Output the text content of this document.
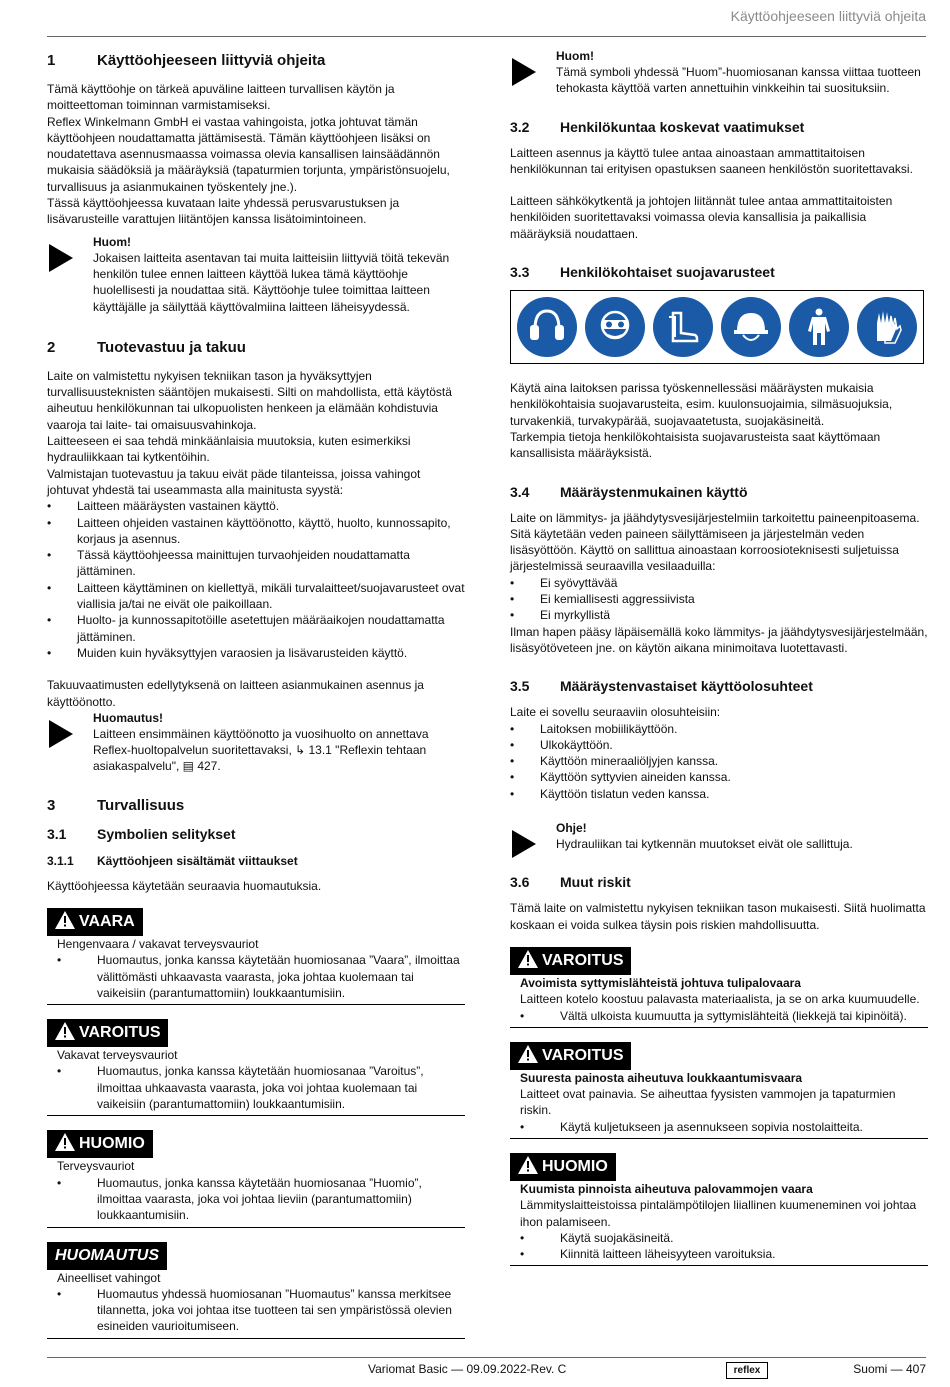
Käyttöohjeeseen liittyviä ohjeita
1	Käyttöohjeeseen liittyviä ohjeita

Tämä käyttöohje on tärkeä apuväline laitteen turvallisen käytön ja moitteettoman toiminnan varmistamiseksi.

Reflex Winkelmann GmbH ei vastaa vahingoista, jotka johtuvat tämän käyttöohjeen noudattamatta jättämisestä. Tämän käyttöohjeen lisäksi on noudatettava asennusmaassa voimassa olevia kansallisen lainsäädännön mukaisia säädöksiä ja määräyksiä (tapaturmien torjunta, ympäristönsuojelu, turvallisuus ja asianmukainen työskentely jne.).

Tässä käyttöohjeessa kuvataan laite yhdessä perusvarustuksen ja lisävarusteille varattujen liitäntöjen kanssa lisätoimintoineen.

Huom!

Jokaisen laitteita asentavan tai muita laitteisiin liittyviä töitä tekevän henkilön tulee ennen laitteen käyttöä lukea tämä käyttöohje huolellisesti ja noudattaa sitä. Käyttöohje tulee toimittaa laitteen käyttäjälle ja säilyttää käyttövalmiina laitteen läheisyydessä.

2	Tuotevastuu ja takuu

Laite on valmistettu nykyisen tekniikan tason ja hyväksyttyjen turvallisuusteknisten sääntöjen mukaisesti. Silti on mahdollista, että käytöstä aiheutuu henkilökunnan tai ulkopuolisten henkeen ja elämään kohdistuvia vaaroja tai laite- tai omaisuusvahinkoja.

Laitteeseen ei saa tehdä minkäänlaisia muutoksia, kuten esimerkiksi hydrauliikkaan tai kytkentöihin.

Valmistajan tuotevastuu ja takuu eivät päde tilanteissa, joissa vahingot johtuvat yhdestä tai useammasta alla mainitusta syystä:

• Laitteen määräysten vastainen käyttö.
• Laitteen ohjeiden vastainen käyttöönotto, käyttö, huolto, kunnossapito, korjaus ja asennus.
• Tässä käyttöohjeessa mainittujen turvaohjeiden noudattamatta jättäminen.
• Laitteen käyttäminen on kiellettyä, mikäli turvalaitteet/suojavarusteet ovat viallisia ja/tai ne eivät ole paikoillaan.
• Huolto- ja kunnossapitotöille asetettujen määräaikojen noudattamatta jättäminen.
• Muiden kuin hyväksyttyjen varaosien ja lisävarusteiden käyttö.

Takuuvaatimusten edellytyksenä on laitteen asianmukainen asennus ja käyttöönotto.

Huomautus!

Laitteen ensimmäinen käyttöönotto ja vuosihuolto on annettava Reflex-huoltopalvelun suoritettavaksi, ↳ 13.1 "Reflexin tehtaan asiakaspalvelu", ▤ 427.

3	Turvallisuus
3.1	Symbolien selitykset
3.1.1	Käyttöohjeen sisältämät viittaukset

Käyttöohjeessa käytetään seuraavia huomautuksia.

VAARA
Hengenvaara / vakavat terveysvauriot
• Huomautus, jonka kanssa käytetään huomiosanaa ”Vaara”, ilmoittaa välittömästi uhkaavasta vaarasta, joka johtaa kuolemaan tai vaikeisiin (parantumattomiin) loukkaantumisiin.
VAROITUS
Vakavat terveysvauriot
• Huomautus, jonka kanssa käytetään huomiosanaa ”Varoitus”, ilmoittaa uhkaavasta vaarasta, joka voi johtaa kuolemaan tai vaikeisiin (parantumattomiin) loukkaantumisiin.
HUOMIO
Terveysvauriot
• Huomautus, jonka kanssa käytetään huomiosanaa ”Huomio”, ilmoittaa vaarasta, joka voi johtaa lieviin (parantumattomiin) loukkaantumisiin.
HUOMAUTUS
Aineelliset vahingot
• Huomautus yhdessä huomiosanan ”Huomautus” kanssa merkitsee tilannetta, joka voi johtaa itse tuotteen tai sen ympäristössä olevien esineiden vaurioitumiseen.
Huom!

Tämä symboli yhdessä ”Huom”-huomiosanan kanssa viittaa tuotteen tehokasta käyttöä varten annettuihin vinkkeihin tai suosituksiin.

3.2	Henkilökuntaa koskevat vaatimukset

Laitteen asennus ja käyttö tulee antaa ainoastaan ammattitaitoisen henkilökunnan tai erityisen opastuksen saaneen henkilöstön suoritettavaksi.

Laitteen sähkökytkentä ja johtojen liitännät tulee antaa ammattitaitoisten henkilöiden suoritettavaksi voimassa olevia kansallisia ja paikallisia määräyksiä noudattaen.

3.3	Henkilökohtaiset suojavarusteet

Käytä aina laitoksen parissa työskennellessäsi määräysten mukaisia henkilökohtaisia suojavarusteita, esim. kuulonsuojaimia, silmäsuojuksia, turvakenkiä, turvakypärää, suojavaatetusta, suojakäsineitä.

Tarkempia tietoja henkilökohtaisista suojavarusteista saat käyttömaan kansallisista määräyksistä.

3.4	Määräystenmukainen käyttö

Laite on lämmitys- ja jäähdytysvesijärjestelmiin tarkoitettu paineenpitoasema. Sitä käytetään veden paineen säilyttämiseen ja järjestelmän veden lisäsyöttöön. Käyttö on sallittua ainoastaan korroosioteknisesti suljetuissa järjestelmissä seuraavilla vesilaaduilla:

• Ei syövyttävää
• Ei kemiallisesti aggressiivista
• Ei myrkyllistä

Ilman hapen pääsy läpäisemällä koko lämmitys- ja jäähdytysvesijärjestelmään, lisäsyötöveteen jne. on käytön aikana minimoitava luotettavasti.

3.5	Määräystenvastaiset käyttöolosuhteet

Laite ei sovellu seuraaviin olosuhteisiin:

• Laitoksen mobiilikäyttöön.
• Ulkokäyttöön.
• Käyttöön mineraaliöljyjen kanssa.
• Käyttöön syttyvien aineiden kanssa.
• Käyttöön tislatun veden kanssa.
Ohje!

Hydrauliikan tai kytkennän muutokset eivät ole sallittuja.

3.6	Muut riskit

Tämä laite on valmistettu nykyisen tekniikan tason mukaisesti. Siitä huolimatta koskaan ei voida sulkea täysin pois riskien mahdollisuutta.

VAROITUS
Avoimista syttymislähteistä johtuva tulipalovaara
Laitteen kotelo koostuu palavasta materiaalista, ja se on arka kuumuudelle.
• Vältä ulkoista kuumuutta ja syttymislähteitä (liekkejä tai kipinöitä).
VAROITUS
Suuresta painosta aiheutuva loukkaantumisvaara
Laitteet ovat painavia. Se aiheuttaa fyysisten vammojen ja tapaturmien riskin.
• Käytä kuljetukseen ja asennukseen sopivia nostolaitteita.
HUOMIO
Kuumista pinnoista aiheutuva palovammojen vaara
Lämmityslaitteistoissa pintalämpötilojen liiallinen kuumeneminen voi johtaa ihon palamiseen.
• Käytä suojakäsineitä.
• Kiinnitä laitteen läheisyyteen varoituksia.
Variomat Basic — 09.09.2022-Rev. C	reflex	Suomi — 407
